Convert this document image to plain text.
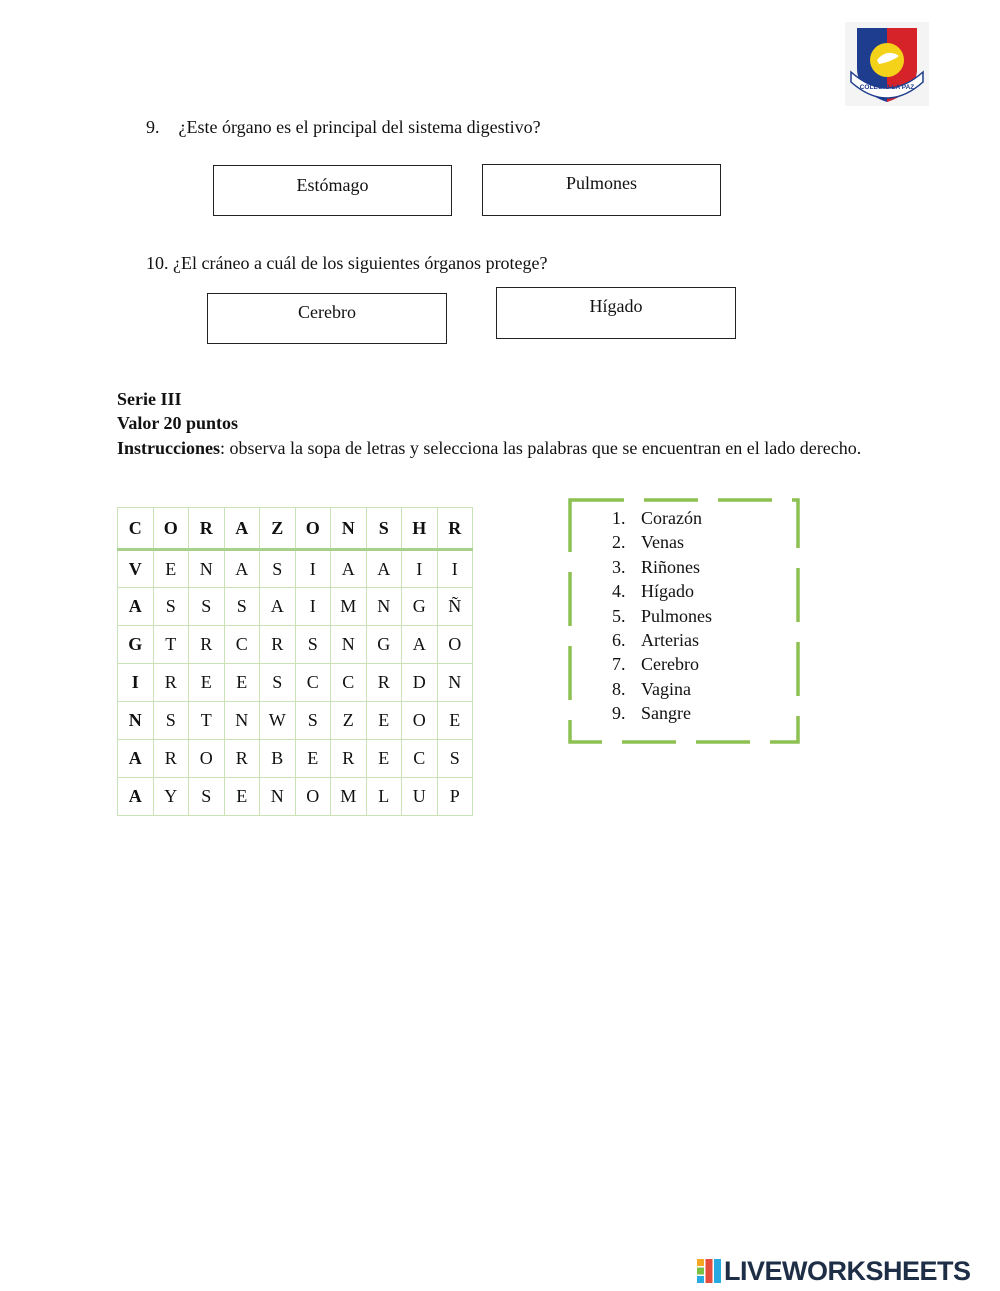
COLEGIO LA PAZ
9. ¿Este órgano es el principal del sistema digestivo?
Estómago	Pulmones
10. ¿El cráneo a cuál de los siguientes órganos protege?
Cerebro	Hígado
Serie III
Valor 20 puntos
Instrucciones: observa la sopa de letras y selecciona las palabras que se encuentran en el lado derecho.
C	O	R	A	Z	O	N	S	H	R
V	E	N	A	S	I	A	A	I	I
A	S	S	S	A	I	M	N	G	Ñ
G	T	R	C	R	S	N	G	A	O
I	R	E	E	S	C	C	R	D	N
N	S	T	N	W	S	Z	E	O	E
A	R	O	R	B	E	R	E	C	S
A	Y	S	E	N	O	M	L	U	P
1. Corazón
2. Venas
3. Riñones
4. Hígado
5. Pulmones
6. Arterias
7. Cerebro
8. Vagina
9. Sangre
LIVEWORKSHEETS
